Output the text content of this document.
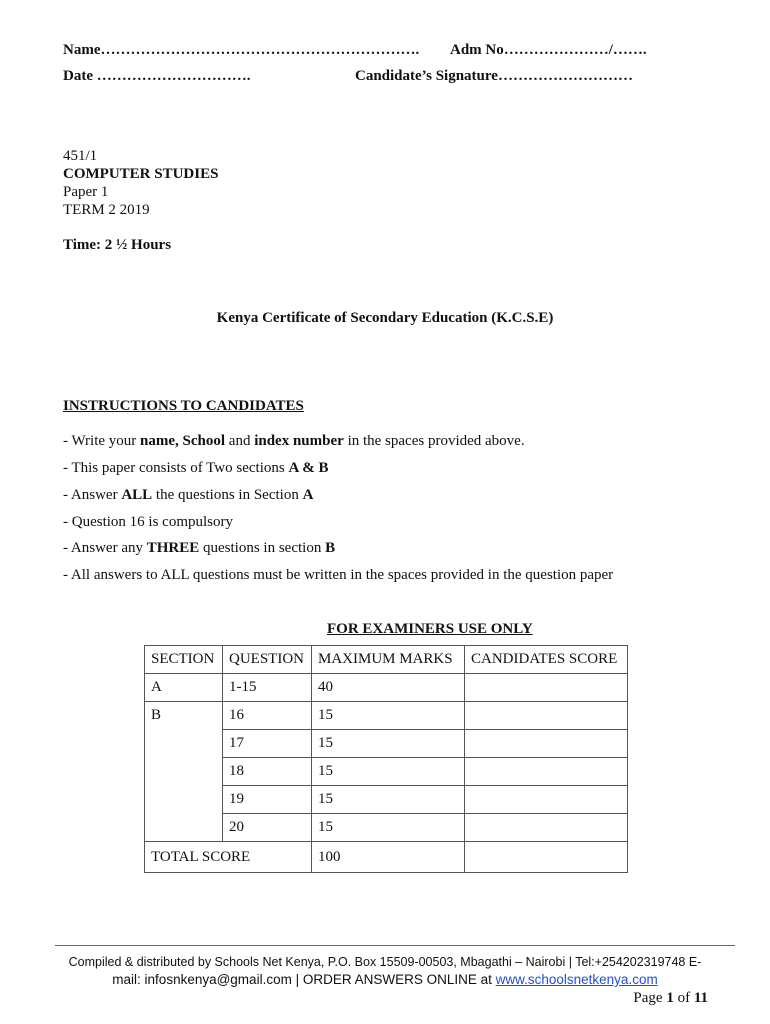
Name………………………………………………………. Adm No…………………/…….
Date ………………………….	Candidate’s Signature………………………
451/1
COMPUTER STUDIES
Paper 1
TERM 2 2019
Time: 2 ½ Hours
Kenya Certificate of Secondary Education (K.C.S.E)
INSTRUCTIONS TO CANDIDATES
- Write your name, School and index number in the spaces provided above.
- This paper consists of Two sections A & B
- Answer ALL the questions in Section A
- Question 16 is compulsory
- Answer any THREE questions in section B
- All answers to ALL questions must be written in the spaces provided in the question paper
FOR EXAMINERS USE ONLY
SECTION	QUESTION	MAXIMUM MARKS	CANDIDATES SCORE
A	1-15	40	
B	16	15	
	17	15	
	18	15	
	19	15	
	20	15	
TOTAL SCORE		100	
Compiled & distributed by Schools Net Kenya, P.O. Box 15509-00503, Mbagathi – Nairobi | Tel:+254202319748 E-
mail: infosnkenya@gmail.com | ORDER ANSWERS ONLINE at www.schoolsnetkenya.com
Page 1 of 11
